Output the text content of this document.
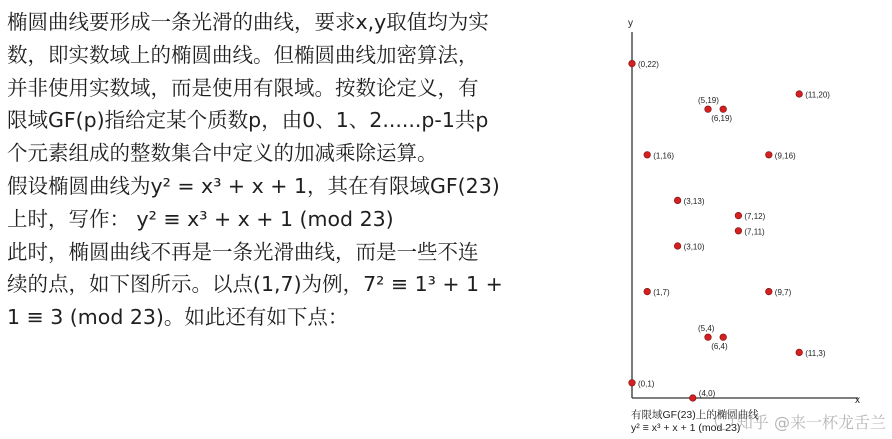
椭圆曲线要形成一条光滑的曲线，要求x,y取值均为实
数，即实数域上的椭圆曲线。但椭圆曲线加密算法，
并非使用实数域，而是使用有限域。按数论定义，有
限域GF(p)指给定某个质数p，由0、1、2......p-1共p
个元素组成的整数集合中定义的加减乘除运算。
假设椭圆曲线为y² = x³ + x + 1，其在有限域GF(23)
上时，写作： y² ≡ x³ + x + 1 (mod 23)
此时，椭圆曲线不再是一条光滑曲线，而是一些不连
续的点，如下图所示。以点(1,7)为例，7² ≡ 1³ + 1 +
1 ≡ 3 (mod 23)。如此还有如下点：
y
x
(0,22)
(5,19)
(6,19)
(11,20)
(1,16)	(9,16)
(3,13)
(7,12)
(7,11)
(3,10)
(1,7)	(9,7)
(5,4)
(6,4)
(11,3)
(0,1)
(4,0)
有限域GF(23)上的椭圆曲线
y² ≡ x³ + x + 1 (mod 23)
知乎 @来一杯龙舌兰
